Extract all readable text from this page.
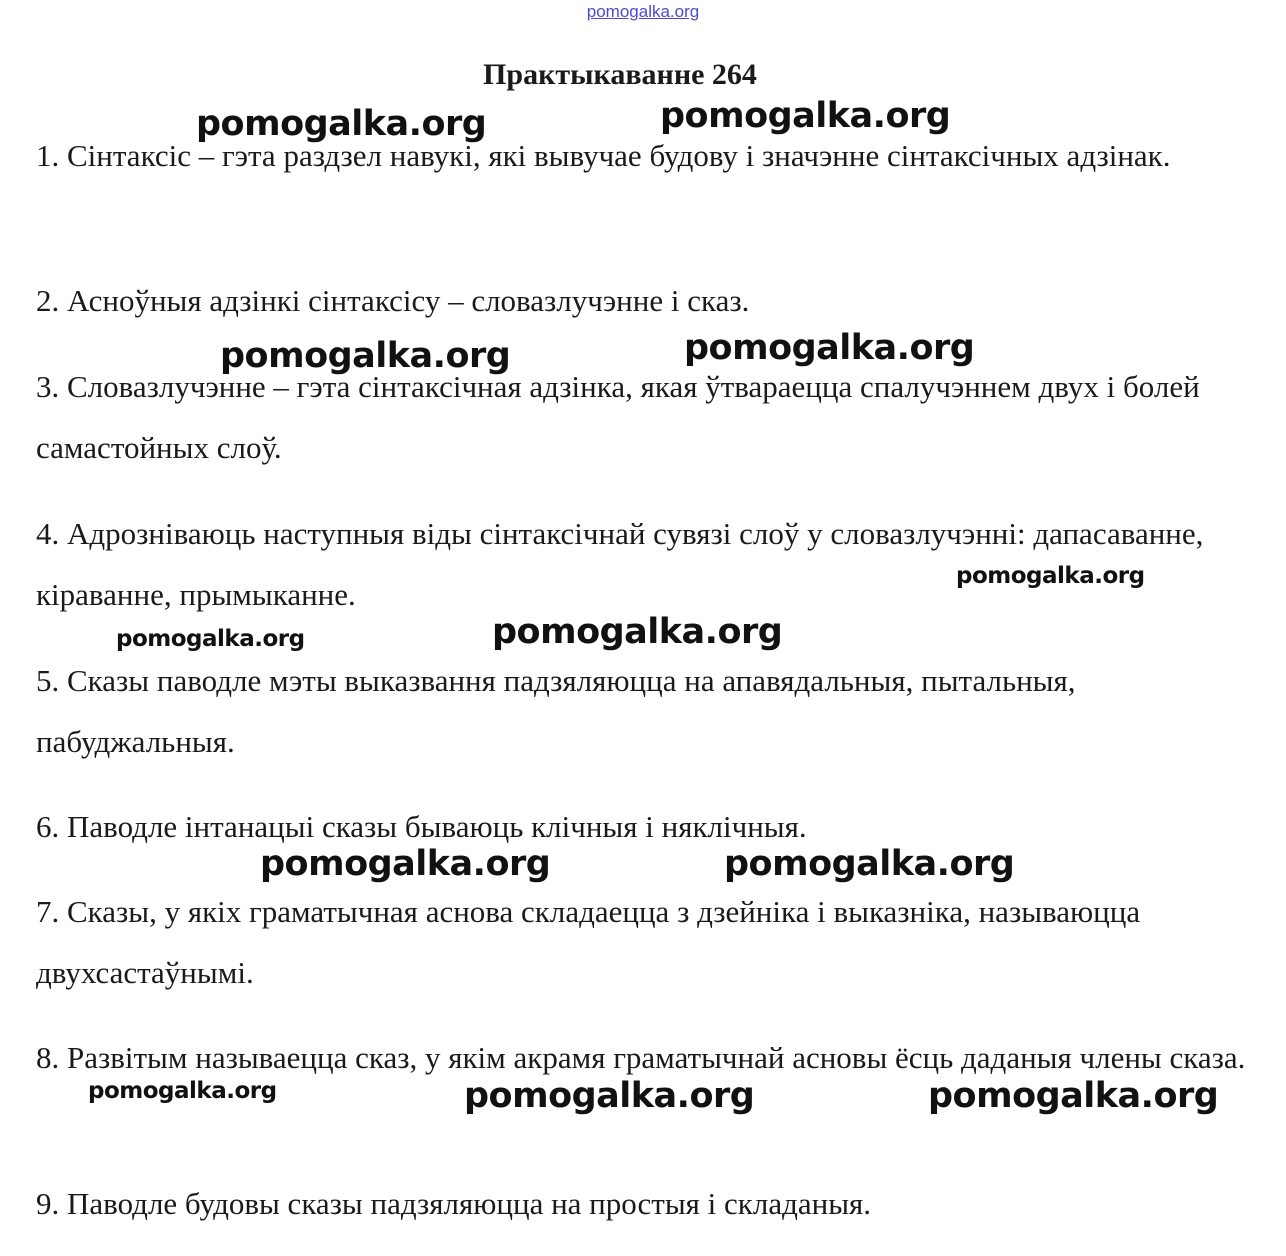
pomogalka.org
Практыкаванне 264
1. Сінтаксіс – гэта раздзел навукі, які вывучае будову і значэнне сінтаксічных адзінак.
2. Асноўныя адзінкі сінтаксісу – словазлучэнне і сказ.
3. Словазлучэнне – гэта сінтаксічная адзінка, якая ўтвараецца спалучэннем двух і болей самастойных слоў.
4. Адрозніваюць наступныя віды сінтаксічнай сувязі слоў у словазлучэнні: дапасаванне, кіраванне, прымыканне.
5. Сказы паводле мэты выказвання падзяляюцца на апавядальныя, пытальныя, пабуджальныя.
6. Паводле інтанацыі сказы бываюць клічныя і няклічныя.
7. Сказы, у якіх граматычная аснова складаецца з дзейніка і выказніка, называюцца двухсастаўнымі.
8. Развітым называецца сказ, у якім акрамя граматычнай асновы ёсць даданыя члены сказа.
9. Паводле будовы сказы падзяляюцца на простыя і складаныя.
pomogalka.org	pomogalka.org
pomogalka.org	pomogalka.org
pomogalka.org
pomogalka.org	pomogalka.org
pomogalka.org	pomogalka.org
pomogalka.org	pomogalka.org	pomogalka.org
